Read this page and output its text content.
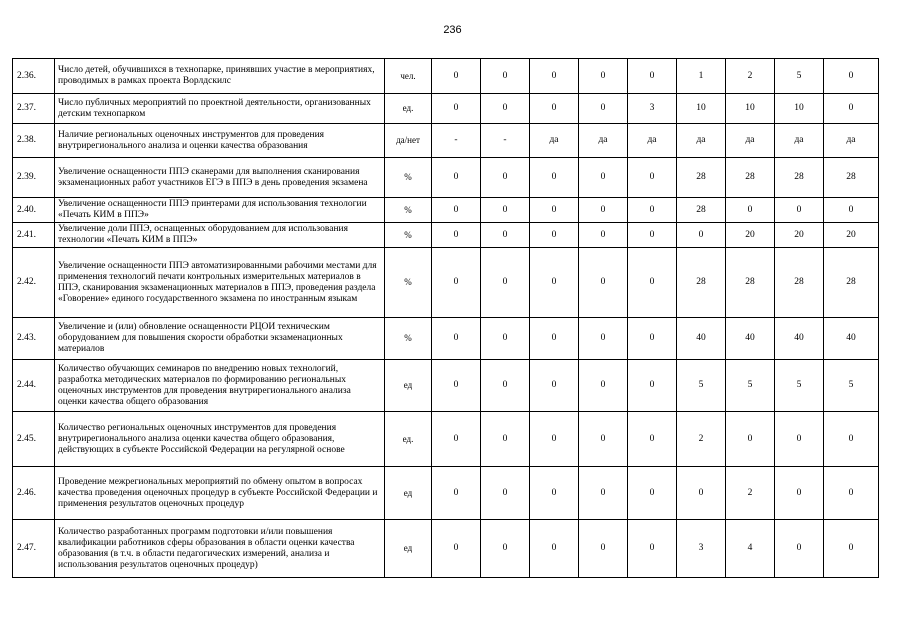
236
2.36.	Число детей, обучившихся в технопарке, принявших участие в мероприятиях, проводимых в рамках проекта Ворлдскилс	чел.	0	0	0	0	0	1	2	5	0
2.37.	Число публичных мероприятий по проектной деятельности, организованных детским технопарком	ед.	0	0	0	0	3	10	10	10	0
2.38.	Наличие региональных оценочных инструментов для проведения внутрирегионального анализа и оценки качества образования	да/нет	-	-	да	да	да	да	да	да	да
2.39.	Увеличение оснащенности ППЭ сканерами для выполнения сканирования экзаменационных работ участников ЕГЭ в ППЭ в день проведения экзамена	%	0	0	0	0	0	28	28	28	28
2.40.	Увеличение оснащенности ППЭ принтерами для использования технологии «Печать КИМ в ППЭ»	%	0	0	0	0	0	28	0	0	0
2.41.	Увеличение доли ППЭ, оснащенных оборудованием для использования технологии «Печать КИМ в ППЭ»	%	0	0	0	0	0	0	20	20	20
2.42.	Увеличение оснащенности ППЭ автоматизированными рабочими местами для применения технологий печати контрольных измерительных материалов в ППЭ, сканирования экзаменационных материалов в ППЭ, проведения раздела «Говорение» единого государственного экзамена по иностранным языкам	%	0	0	0	0	0	28	28	28	28
2.43.	Увеличение и (или) обновление оснащенности РЦОИ техническим оборудованием для повышения скорости обработки экзаменационных материалов	%	0	0	0	0	0	40	40	40	40
2.44.	Количество обучающих семинаров по внедрению новых технологий, разработка методических материалов по формированию региональных оценочных инструментов для проведения внутрирегионального анализа оценки качества общего образования	ед	0	0	0	0	0	5	5	5	5
2.45.	Количество региональных оценочных инструментов для проведения внутрирегионального анализа оценки качества общего образования, действующих в субъекте Российской Федерации на регулярной основе	ед.	0	0	0	0	0	2	0	0	0
2.46.	Проведение межрегиональных мероприятий по обмену опытом в вопросах качества проведения оценочных процедур в субъекте Российской Федерации и применения результатов оценочных процедур	ед	0	0	0	0	0	0	2	0	0
2.47.	Количество разработанных программ подготовки и/или повышения квалификации работников сферы образования в области оценки качества образования (в т.ч. в области педагогических измерений, анализа и использования результатов оценочных процедур)	ед	0	0	0	0	0	3	4	0	0
